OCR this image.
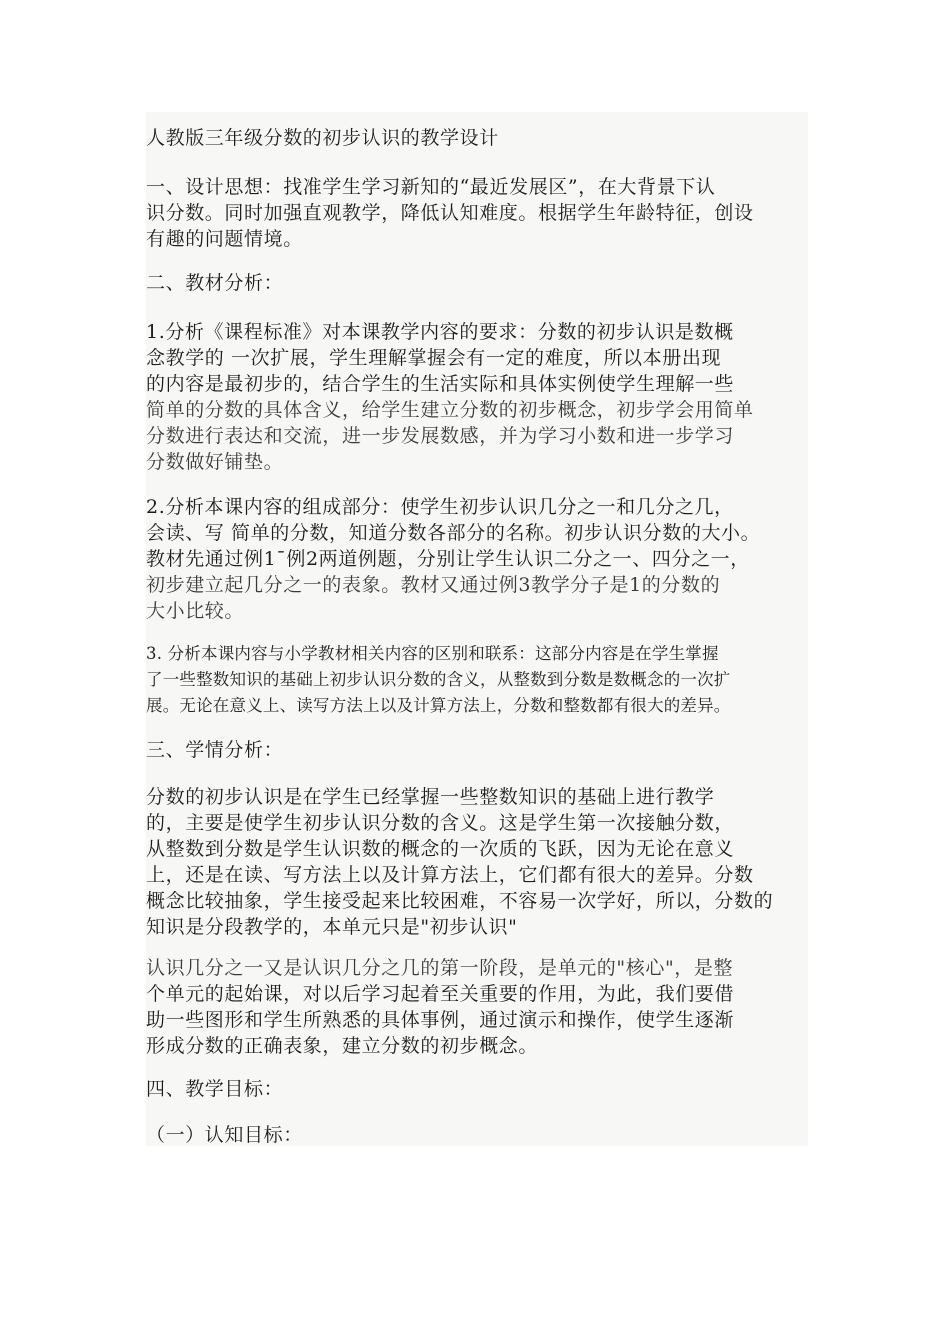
人教版三年级分数的初步认识的教学设计
一、设计思想：找准学生学习新知的“最近发展区”，在大背景下认
识分数。同时加强直观教学，降低认知难度。根据学生年龄特征，创设
有趣的问题情境。
二、教材分析：
1.分析《课程标准》对本课教学内容的要求：分数的初步认识是数概
念教学的 一次扩展，学生理解掌握会有一定的难度，所以本册出现
的内容是最初步的，结合学生的生活实际和具体实例使学生理解一些
简单的分数的具体含义，给学生建立分数的初步概念，初步学会用简单
分数进行表达和交流，进一步发展数感，并为学习小数和进一步学习
分数做好铺垫。
2.分析本课内容的组成部分：使学生初步认识几分之一和几分之几，
会读、写 简单的分数，知道分数各部分的名称。初步认识分数的大小。
教材先通过例1¯例2两道例题，分别让学生认识二分之一、四分之一，
初步建立起几分之一的表象。教材又通过例3教学分子是1的分数的
大小比较。
3. 分析本课内容与小学教材相关内容的区别和联系：这部分内容是在学生掌握
了一些整数知识的基础上初步认识分数的含义，从整数到分数是数概念的一次扩
展。无论在意义上、读写方法上以及计算方法上，分数和整数都有很大的差异。
三、学情分析：
分数的初步认识是在学生已经掌握一些整数知识的基础上进行教学
的，主要是使学生初步认识分数的含义。这是学生第一次接触分数，
从整数到分数是学生认识数的概念的一次质的飞跃，因为无论在意义
上，还是在读、写方法上以及计算方法上，它们都有很大的差异。分数
概念比较抽象，学生接受起来比较困难，不容易一次学好，所以，分数的
知识是分段教学的，本单元只是"初步认识"
认识几分之一又是认识几分之几的第一阶段，是单元的"核心"，是整
个单元的起始课，对以后学习起着至关重要的作用，为此，我们要借
助一些图形和学生所熟悉的具体事例，通过演示和操作，使学生逐渐
形成分数的正确表象，建立分数的初步概念。
四、教学目标：
（一）认知目标：
